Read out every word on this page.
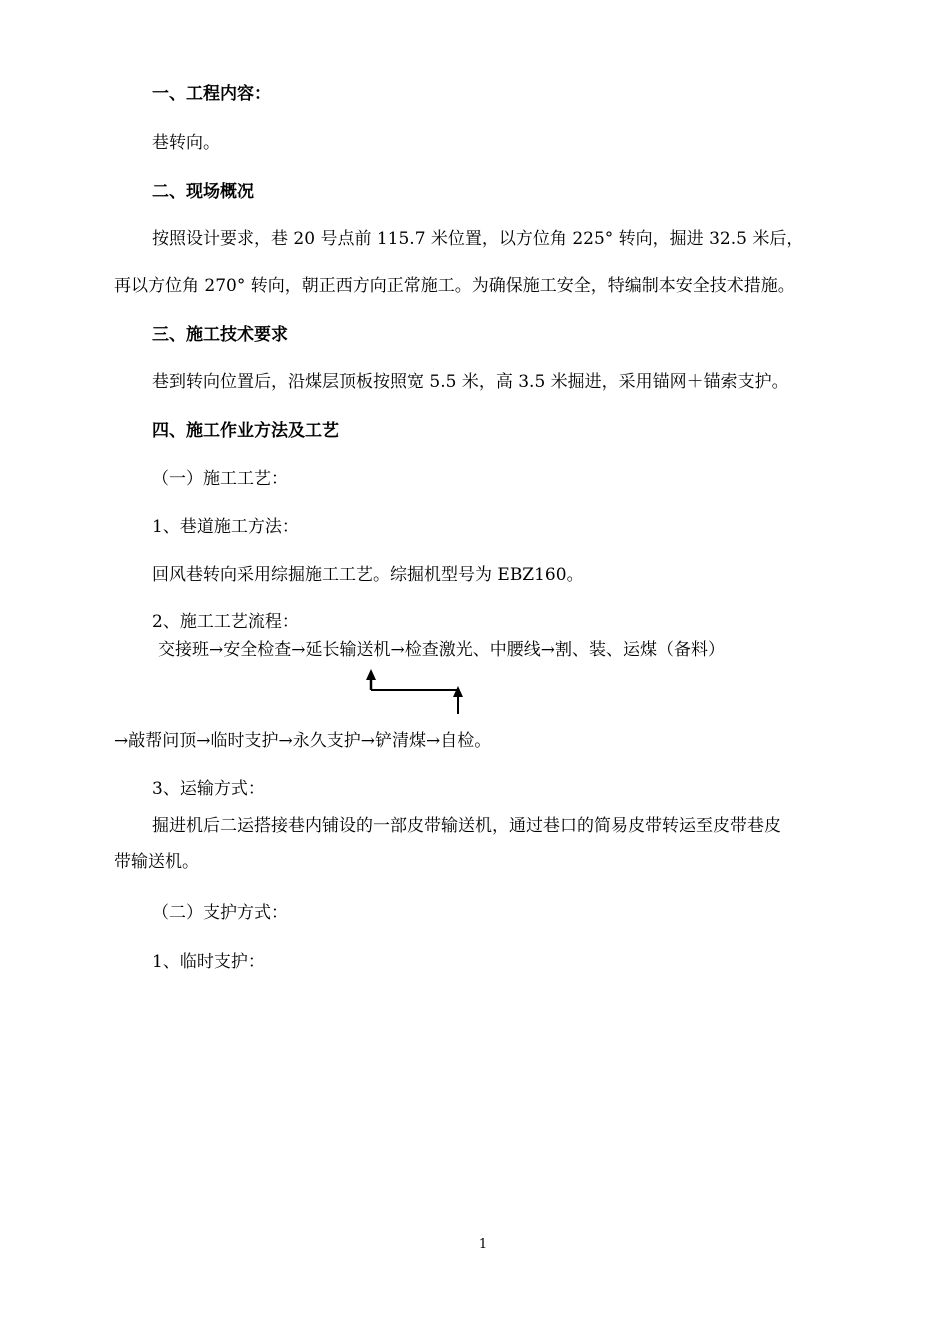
一、工程内容：
巷转向。
二、现场概况
按照设计要求，巷 20 号点前 115.7 米位置，以方位角 225° 转向，掘进 32.5 米后，
再以方位角 270° 转向，朝正西方向正常施工。为确保施工安全，特编制本安全技术措施。
三、施工技术要求
巷到转向位置后，沿煤层顶板按照宽 5.5 米，高 3.5 米掘进，采用锚网＋锚索支护。
四、施工作业方法及工艺
（一）施工工艺：
1、巷道施工方法：
回风巷转向采用综掘施工工艺。综掘机型号为 EBZ160。
2、施工工艺流程：
交接班→安全检查→延长输送机→检查激光、中腰线→割、装、运煤（备料）
→敲帮问顶→临时支护→永久支护→铲清煤→自检。
3、运输方式：
掘进机后二运搭接巷内铺设的一部皮带输送机，通过巷口的简易皮带转运至皮带巷皮
带输送机。
（二）支护方式：
1、临时支护：
1
